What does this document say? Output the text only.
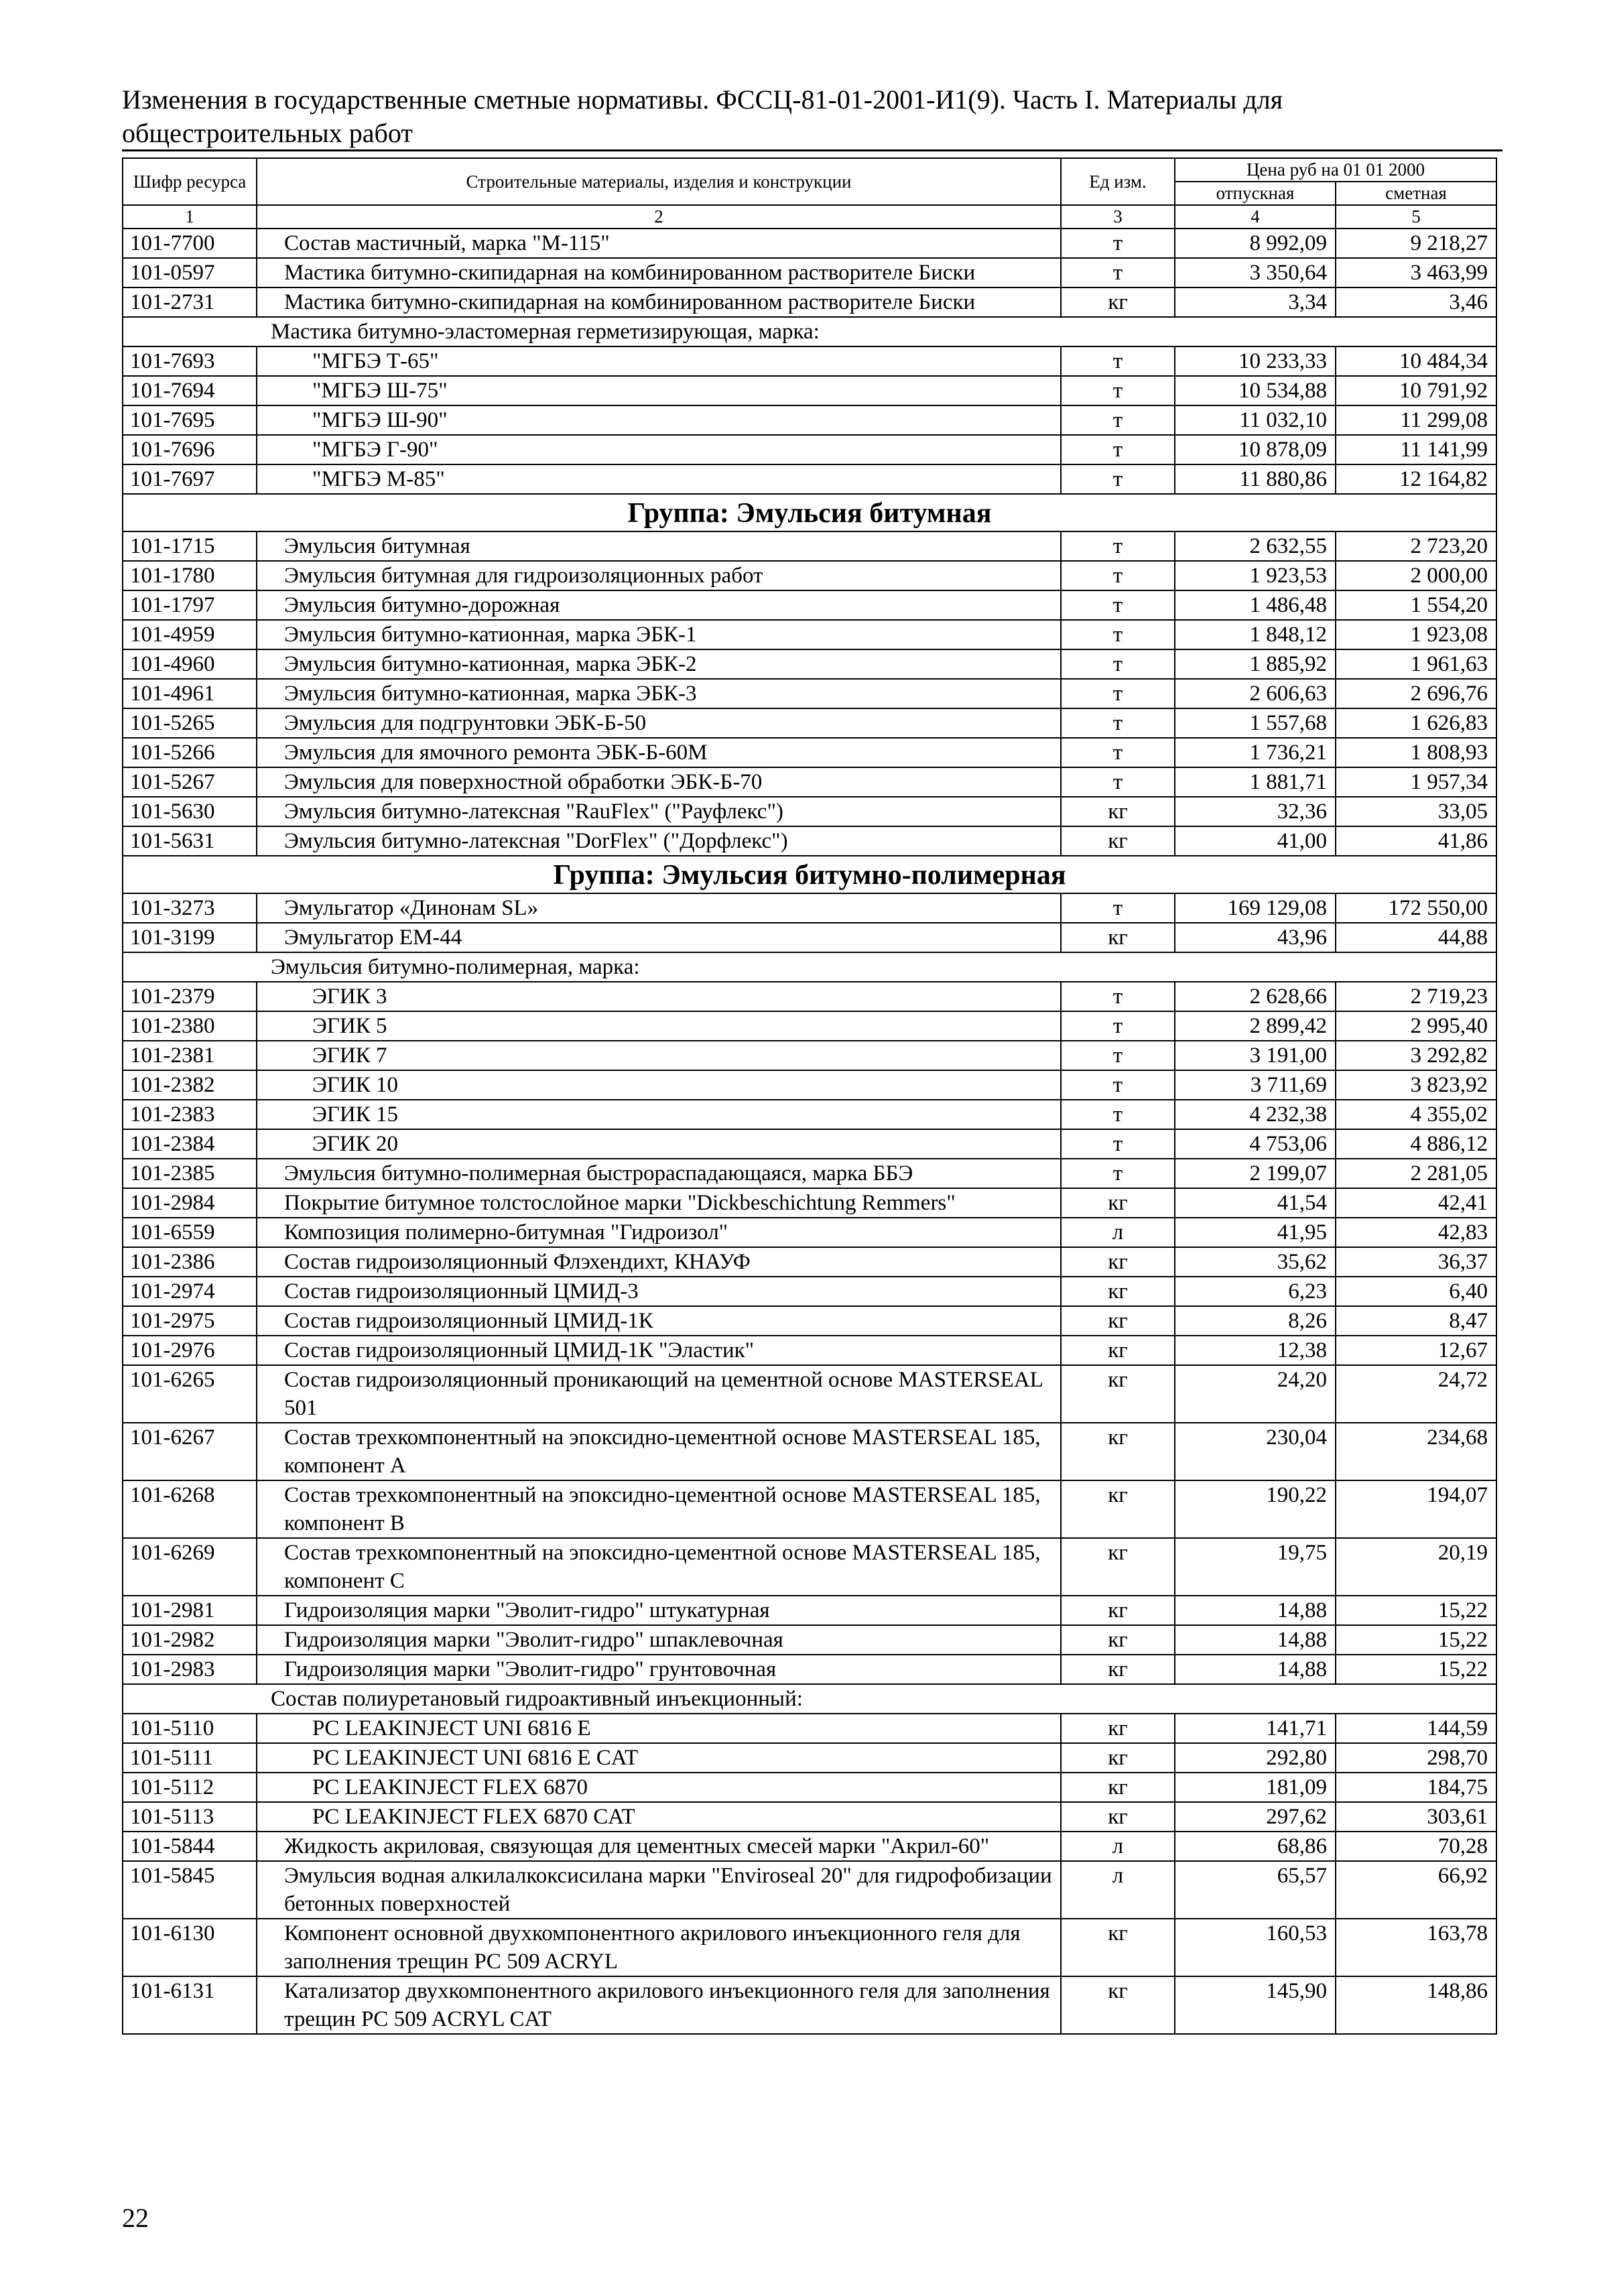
Изменения в государственные сметные нормативы. ФССЦ-81-01-2001-И1(9). Часть I. Материалы для общестроительных работ
Шифр ресурса	Строительные материалы, изделия и конструкции	Ед изм.	Цена руб на 01 01 2000	
			отпускная	сметная
1	2	3	4	5
101-7700	Состав мастичный, марка "М-115"	т	8 992,09	9 218,27
101-0597	Мастика битумно-скипидарная на комбинированном растворителе Биски	т	3 350,64	3 463,99
101-2731	Мастика битумно-скипидарная на комбинированном растворителе Биски	кг	3,34	3,46
Мастика битумно-эластомерная герметизирующая, марка:				
101-7693	"МГБЭ Т-65"	т	10 233,33	10 484,34
101-7694	"МГБЭ Ш-75"	т	10 534,88	10 791,92
101-7695	"МГБЭ Ш-90"	т	11 032,10	11 299,08
101-7696	"МГБЭ Г-90"	т	10 878,09	11 141,99
101-7697	"МГБЭ М-85"	т	11 880,86	12 164,82
Группа: Эмульсия битумная				
101-1715	Эмульсия битумная	т	2 632,55	2 723,20
101-1780	Эмульсия битумная для гидроизоляционных работ	т	1 923,53	2 000,00
101-1797	Эмульсия битумно-дорожная	т	1 486,48	1 554,20
101-4959	Эмульсия битумно-катионная, марка ЭБК-1	т	1 848,12	1 923,08
101-4960	Эмульсия битумно-катионная, марка ЭБК-2	т	1 885,92	1 961,63
101-4961	Эмульсия битумно-катионная, марка ЭБК-3	т	2 606,63	2 696,76
101-5265	Эмульсия для подгрунтовки ЭБК-Б-50	т	1 557,68	1 626,83
101-5266	Эмульсия для ямочного ремонта ЭБК-Б-60М	т	1 736,21	1 808,93
101-5267	Эмульсия для поверхностной обработки ЭБК-Б-70	т	1 881,71	1 957,34
101-5630	Эмульсия битумно-латексная "RauFlex" ("Рауфлекс")	кг	32,36	33,05
101-5631	Эмульсия битумно-латексная "DorFlex" ("Дорфлекс")	кг	41,00	41,86
Группа: Эмульсия битумно-полимерная				
101-3273	Эмульгатор «Динонам SL»	т	169 129,08	172 550,00
101-3199	Эмульгатор ЕМ-44	кг	43,96	44,88
Эмульсия битумно-полимерная, марка:				
101-2379	ЭГИК 3	т	2 628,66	2 719,23
101-2380	ЭГИК 5	т	2 899,42	2 995,40
101-2381	ЭГИК 7	т	3 191,00	3 292,82
101-2382	ЭГИК 10	т	3 711,69	3 823,92
101-2383	ЭГИК 15	т	4 232,38	4 355,02
101-2384	ЭГИК 20	т	4 753,06	4 886,12
101-2385	Эмульсия битумно-полимерная быстрораспадающаяся, марка ББЭ	т	2 199,07	2 281,05
101-2984	Покрытие битумное толстослойное марки "Dickbeschichtung Remmers"	кг	41,54	42,41
101-6559	Композиция полимерно-битумная "Гидроизол"	л	41,95	42,83
101-2386	Состав гидроизоляционный Флэхендихт, КНАУФ	кг	35,62	36,37
101-2974	Состав гидроизоляционный ЦМИД-3	кг	6,23	6,40
101-2975	Состав гидроизоляционный ЦМИД-1К	кг	8,26	8,47
101-2976	Состав гидроизоляционный ЦМИД-1К "Эластик"	кг	12,38	12,67
101-6265	Состав гидроизоляционный проникающий на цементной основе MASTERSEAL 501	кг	24,20	24,72
101-6267	Состав трехкомпонентный на эпоксидно-цементной основе MASTERSEAL 185, компонент А	кг	230,04	234,68
101-6268	Состав трехкомпонентный на эпоксидно-цементной основе MASTERSEAL 185, компонент В	кг	190,22	194,07
101-6269	Состав трехкомпонентный на эпоксидно-цементной основе MASTERSEAL 185, компонент С	кг	19,75	20,19
101-2981	Гидроизоляция марки "Эволит-гидро" штукатурная	кг	14,88	15,22
101-2982	Гидроизоляция марки "Эволит-гидро" шпаклевочная	кг	14,88	15,22
101-2983	Гидроизоляция марки "Эволит-гидро" грунтовочная	кг	14,88	15,22
Состав полиуретановый гидроактивный инъекционный:				
101-5110	PC LEAKINJECT UNI 6816 E	кг	141,71	144,59
101-5111	PC LEAKINJECT UNI 6816 E CAT	кг	292,80	298,70
101-5112	PC LEAKINJECT FLEX 6870	кг	181,09	184,75
101-5113	PC LEAKINJECT FLEX 6870 CAT	кг	297,62	303,61
101-5844	Жидкость акриловая, связующая для цементных смесей марки "Акрил-60"	л	68,86	70,28
101-5845	Эмульсия водная алкилалкоксисилана марки "Enviroseal 20" для гидрофобизации бетонных поверхностей	л	65,57	66,92
101-6130	Компонент основной двухкомпонентного акрилового инъекционного геля для заполнения трещин PC 509 ACRYL	кг	160,53	163,78
101-6131	Катализатор двухкомпонентного акрилового инъекционного геля для заполнения трещин PC 509 ACRYL CAT	кг	145,90	148,86
22
